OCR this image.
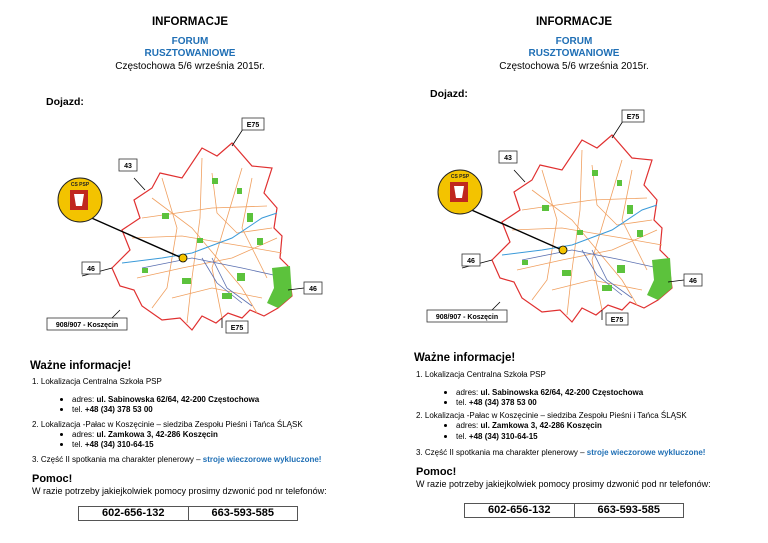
INFORMACJE
FORUM
RUSZTOWANIOWE
Częstochowa 5/6 września 2015r.
Dojazd:
CS PSP
E75
43
46
46
E75
908/907 - Koszęcin
Ważne informacje!
1. Lokalizacja Centralna Szkoła PSP
adres: ul. Sabinowska 62/64, 42-200 Częstochowa
tel. +48 (34) 378 53 00
2. Lokalizacja -Pałac w Koszęcinie – siedziba Zespołu Pieśni i Tańca ŚLĄSK
adres: ul. Zamkowa 3, 42-286 Koszęcin
tel. +48 (34) 310-64-15
3. Część II spotkania ma charakter plenerowy – stroje wieczorowe wykluczone!
Pomoc!
W razie potrzeby jakiejkolwiek pomocy prosimy dzwonić pod nr telefonów:
602-656-132	663-593-585
INFORMACJE
FORUM
RUSZTOWANIOWE
Częstochowa 5/6 września 2015r.
Dojazd:
CS PSP
E75
43
46
46
E75
908/907 - Koszęcin
Ważne informacje!
1. Lokalizacja Centralna Szkoła PSP
adres: ul. Sabinowska 62/64, 42-200 Częstochowa
tel. +48 (34) 378 53 00
2. Lokalizacja -Pałac w Koszęcinie – siedziba Zespołu Pieśni i Tańca ŚLĄSK
adres: ul. Zamkowa 3, 42-286 Koszęcin
tel. +48 (34) 310-64-15
3. Część II spotkania ma charakter plenerowy – stroje wieczorowe wykluczone!
Pomoc!
W razie potrzeby jakiejkolwiek pomocy prosimy dzwonić pod nr telefonów:
602-656-132	663-593-585
